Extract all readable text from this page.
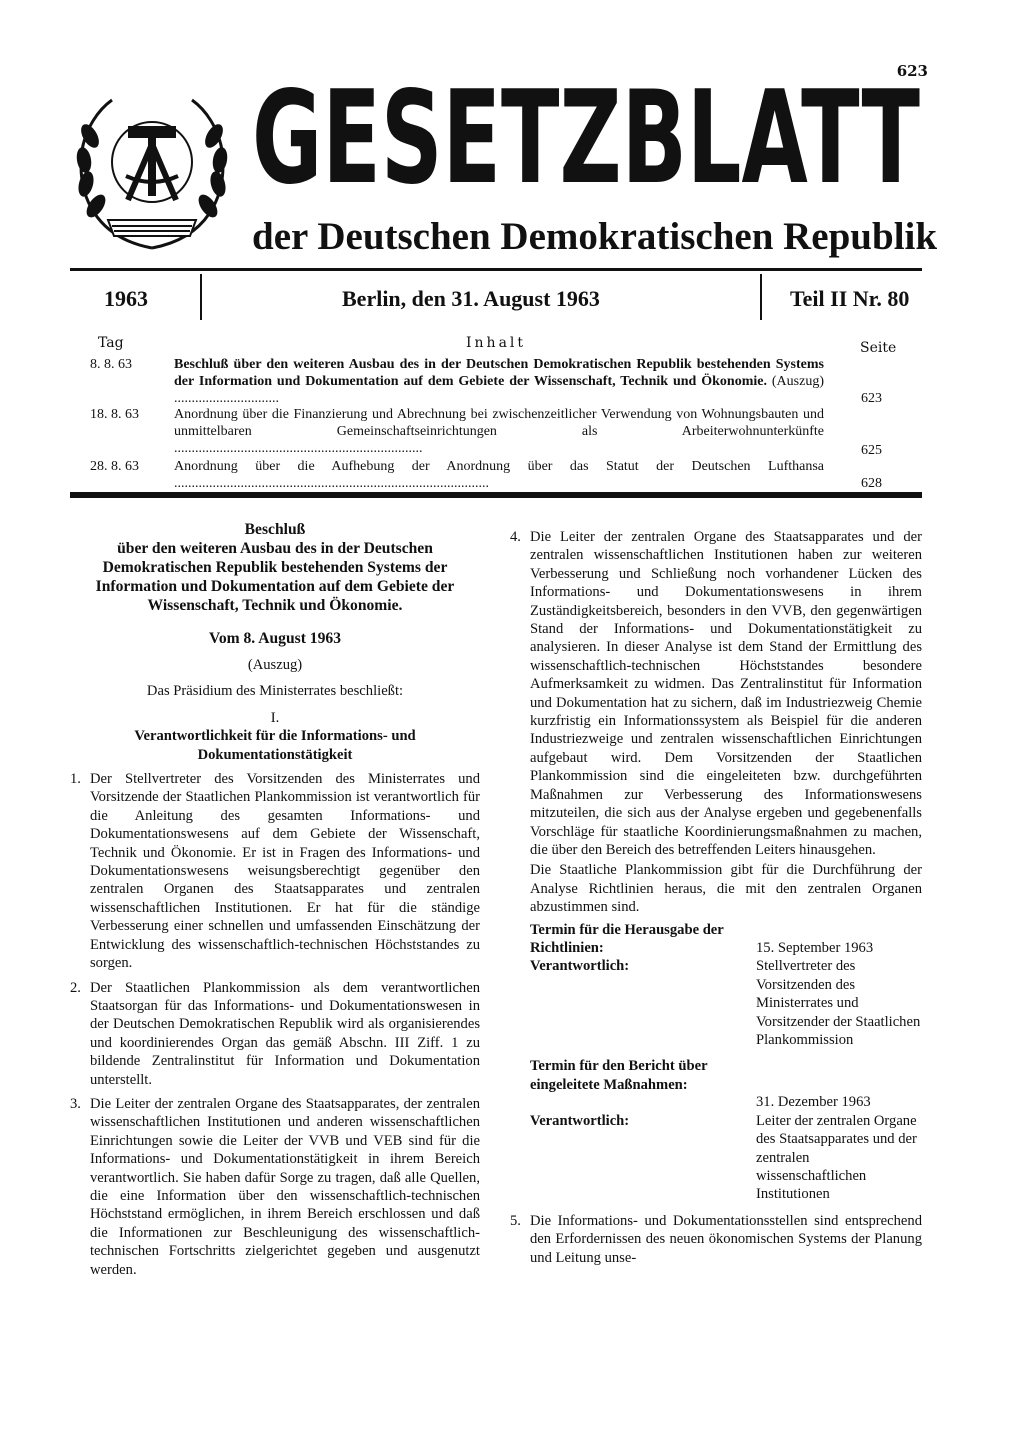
623
GESETZBLATT
der Deutschen Demokratischen Republik
1963	Berlin, den 31. August 1963	Teil II Nr. 80
Tag	Inhalt	Seite
8. 8. 63	Beschluß über den weiteren Ausbau des in der Deutschen Demokratischen Republik bestehenden Systems der Information und Dokumentation auf dem Gebiete der Wissenschaft, Technik und Ökonomie. (Auszug) ..............................	623
18. 8. 63	Anordnung über die Finanzierung und Abrechnung bei zwischenzeitlicher Verwendung von Wohnungsbauten und unmittelbaren Gemeinschaftseinrichtungen als Arbeiterwohnunterkünfte .......................................................................	625
28. 8. 63	Anordnung über die Aufhebung der Anordnung über das Statut der Deutschen Lufthansa ..........................................................................................	628
Beschluß
über den weiteren Ausbau des in der Deutschen Demokratischen Republik bestehenden Systems der Information und Dokumentation auf dem Gebiete der Wissenschaft, Technik und Ökonomie.
Vom 8. August 1963
(Auszug)

Das Präsidium des Ministerrates beschließt:

I.
Verantwortlichkeit für die Informations- und Dokumentationstätigkeit
1. Der Stellvertreter des Vorsitzenden des Ministerrates und Vorsitzende der Staatlichen Plankommission ist verantwortlich für die Anleitung des gesamten Informations- und Dokumentationswesens auf dem Gebiete der Wissenschaft, Technik und Ökonomie. Er ist in Fragen des Informations- und Dokumentationswesens weisungsberechtigt gegenüber den zentralen Organen des Staatsapparates und zentralen wissenschaftlichen Institutionen. Er hat für die ständige Verbesserung einer schnellen und umfassenden Einschätzung der Entwicklung des wissenschaftlich-technischen Höchststandes zu sorgen.
2. Der Staatlichen Plankommission als dem verantwortlichen Staatsorgan für das Informations- und Dokumentationswesen in der Deutschen Demokratischen Republik wird als organisierendes und koordinierendes Organ das gemäß Abschn. III Ziff. 1 zu bildende Zentralinstitut für Information und Dokumentation unterstellt.
3. Die Leiter der zentralen Organe des Staatsapparates, der zentralen wissenschaftlichen Institutionen und anderen wissenschaftlichen Einrichtungen sowie die Leiter der VVB und VEB sind für die Informations- und Dokumentationstätigkeit in ihrem Bereich verantwortlich. Sie haben dafür Sorge zu tragen, daß alle Quellen, die eine Information über den wissenschaftlich-technischen Höchststand ermöglichen, in ihrem Bereich erschlossen und daß die Informationen zur Beschleunigung des wissenschaftlich-technischen Fortschritts zielgerichtet gegeben und ausgenutzt werden.
4. Die Leiter der zentralen Organe des Staatsapparates und der zentralen wissenschaftlichen Institutionen haben zur weiteren Verbesserung und Schließung noch vorhandener Lücken des Informations- und Dokumentationswesens in ihrem Zuständigkeitsbereich, besonders in den VVB, den gegenwärtigen Stand der Informations- und Dokumentationstätigkeit zu analysieren. In dieser Analyse ist dem Stand der Ermittlung des wissenschaftlich-technischen Höchststandes besondere Aufmerksamkeit zu widmen. Das Zentralinstitut für Information und Dokumentation hat zu sichern, daß im Industriezweig Chemie kurzfristig ein Informationssystem als Beispiel für die anderen Industriezweige und zentralen wissenschaftlichen Einrichtungen aufgebaut wird. Dem Vorsitzenden der Staatlichen Plankommission sind die eingeleiteten bzw. durchgeführten Maßnahmen zur Verbesserung des Informationswesens mitzuteilen, die sich aus der Analyse ergeben und gegebenenfalls Vorschläge für staatliche Koordinierungsmaßnahmen zu machen, die über den Bereich des betreffenden Leiters hinausgehen.

Die Staatliche Plankommission gibt für die Durchführung der Analyse Richtlinien heraus, die mit den zentralen Organen abzustimmen sind.

Termin für die Herausgabe der Richtlinien:	15. September 1963
Verantwortlich:	Stellvertreter des Vorsitzenden des Ministerrates und Vorsitzender der Staatlichen Plankommission
Termin für den Bericht über eingeleitete Maßnahmen:
31. Dezember 1963
Verantwortlich:	Leiter der zentralen Organe des Staatsapparates und der zentralen wissenschaftlichen Institutionen
5. Die Informations- und Dokumentationsstellen sind entsprechend den Erfordernissen des neuen ökonomischen Systems der Planung und Leitung unse-
